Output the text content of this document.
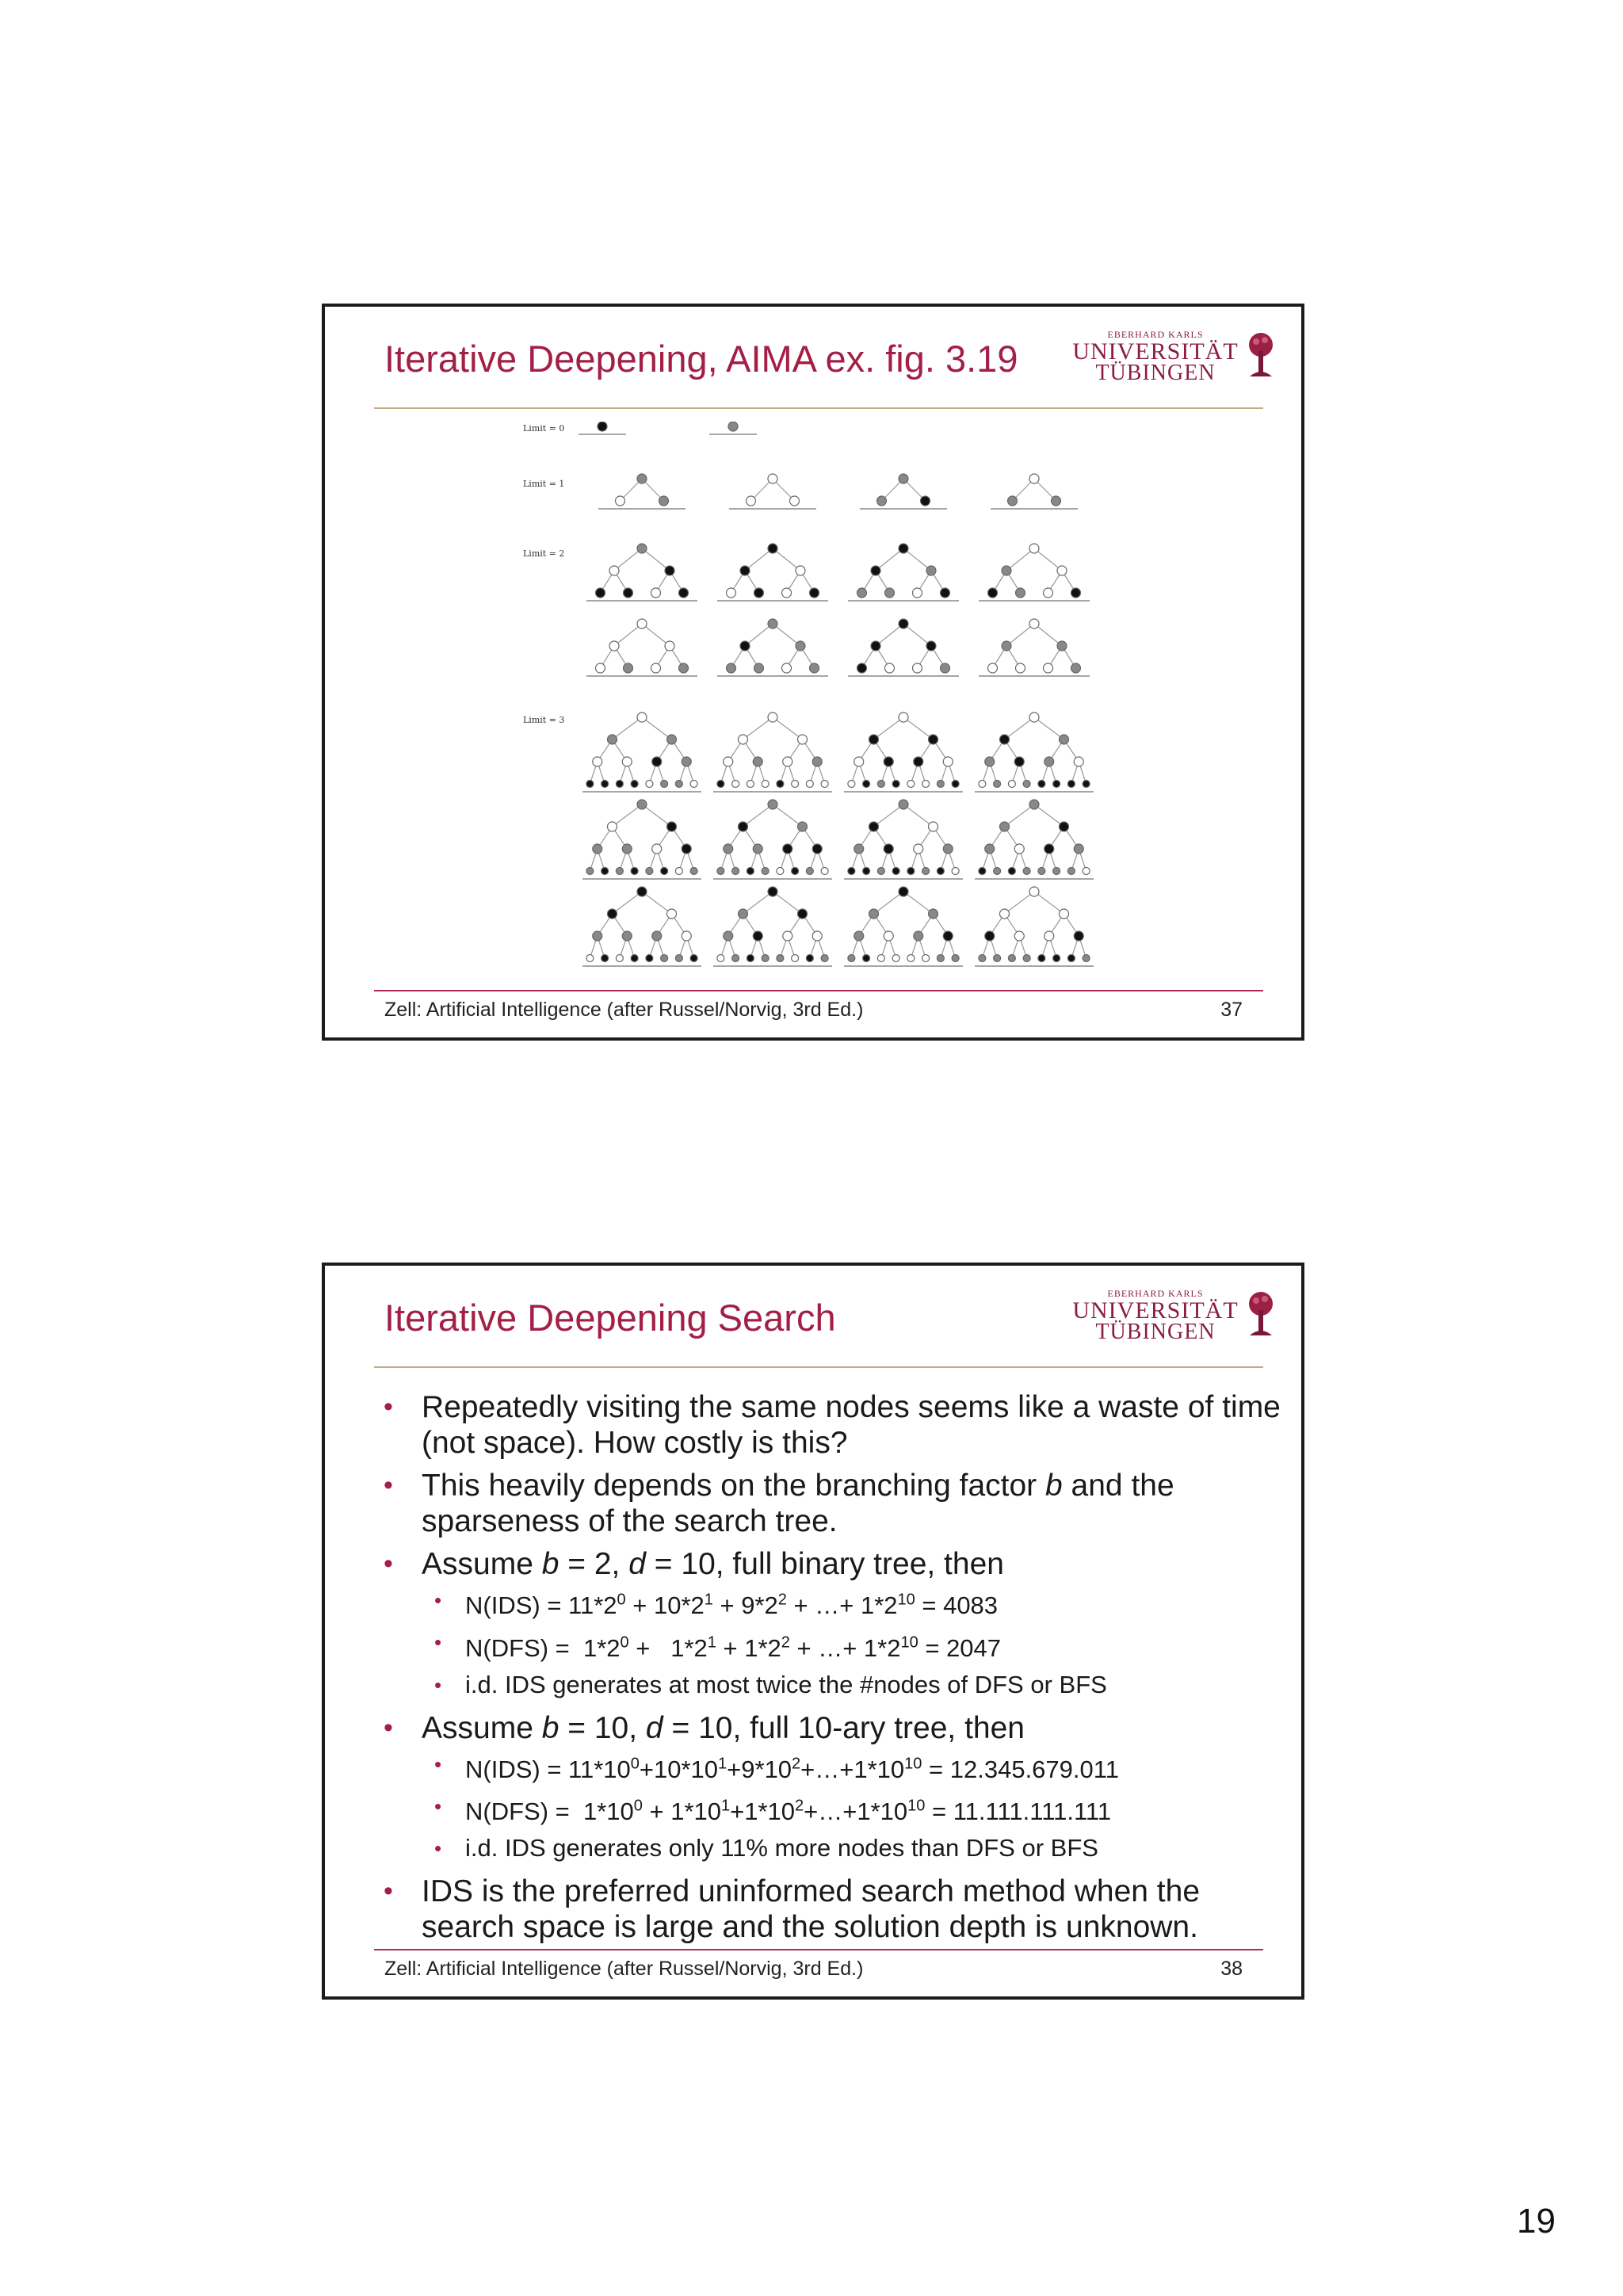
Iterative Deepening, AIMA ex. fig. 3.19
EBERHARD KARLS
UNIVERSITÄT
TÜBINGEN
Limit = 0
Limit = 1
Limit = 2
Limit = 3
Zell: Artificial Intelligence (after Russel/Norvig, 3rd Ed.)	37
Iterative Deepening Search
EBERHARD KARLS
UNIVERSITÄT
TÜBINGEN
• Repeatedly visiting the same nodes seems like a waste of time (not space). How costly is this?
• This heavily depends on the branching factor b and the sparseness of the search tree.
• Assume b = 2, d = 10, full binary tree, then
• $N(IDS) = 11*2^0 + 10*2^1 + 9*2^2$ + …+ $1*2^{10} = 4083$
• $N(DFS) = 1*2^0 + 1*2^1 + 1*2^2$ + …+ $1*2^{10} = 2047$
• i.d. IDS generates at most twice the #nodes of DFS or BFS
• Assume b = 10, d = 10, full 10-ary tree, then
• $N(IDS) = 11*10^0+10*10^1+9*10^2+\dots+1*10^{10} = 12.345.679.011$
• $N(DFS) = 1*10^0$ + $1*10^1+1*10^2+\dots+1*10^{10} = 11.111.111.111$
• i.d. IDS generates only 11% more nodes than DFS or BFS
• IDS is the preferred uninformed search method when the search space is large and the solution depth is unknown.
Zell: Artificial Intelligence (after Russel/Norvig, 3rd Ed.)	38
19
